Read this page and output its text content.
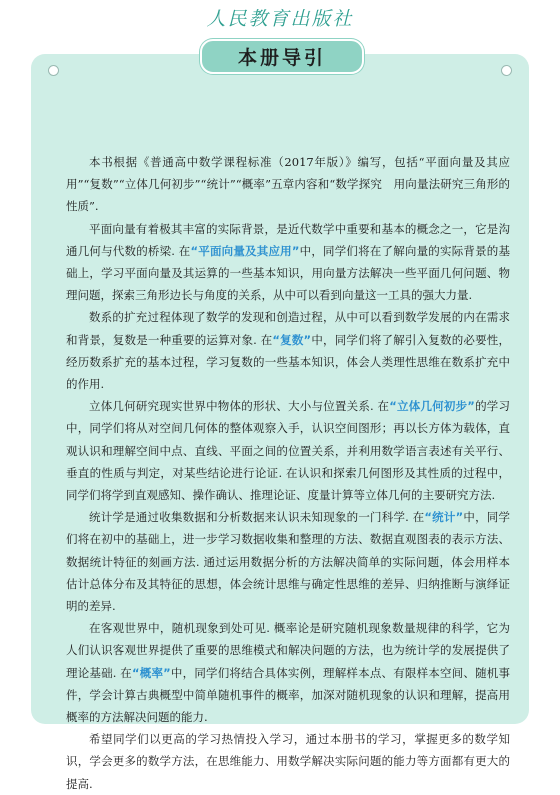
人民教育出版社
本册导引

本书根据《普通高中数学课程标准（2017年版）》编写，包括“平面向量及其应用”“复数”“立体几何初步”“统计”“概率”五章内容和“数学探究　用向量法研究三角形的性质”.

平面向量有着极其丰富的实际背景，是近代数学中重要和基本的概念之一，它是沟通几何与代数的桥梁. 在“平面向量及其应用”中，同学们将在了解向量的实际背景的基础上，学习平面向量及其运算的一些基本知识，用向量方法解决一些平面几何问题、物理问题，探索三角形边长与角度的关系，从中可以看到向量这一工具的强大力量.

数系的扩充过程体现了数学的发现和创造过程，从中可以看到数学发展的内在需求和背景，复数是一种重要的运算对象. 在“复数”中，同学们将了解引入复数的必要性，经历数系扩充的基本过程，学习复数的一些基本知识，体会人类理性思维在数系扩充中的作用.

立体几何研究现实世界中物体的形状、大小与位置关系. 在“立体几何初步”的学习中，同学们将从对空间几何体的整体观察入手，认识空间图形；再以长方体为载体，直观认识和理解空间中点、直线、平面之间的位置关系，并利用数学语言表述有关平行、垂直的性质与判定，对某些结论进行论证. 在认识和探索几何图形及其性质的过程中，同学们将学到直观感知、操作确认、推理论证、度量计算等立体几何的主要研究方法.

统计学是通过收集数据和分析数据来认识未知现象的一门科学. 在“统计”中，同学们将在初中的基础上，进一步学习数据收集和整理的方法、数据直观图表的表示方法、数据统计特征的刻画方法. 通过运用数据分析的方法解决简单的实际问题，体会用样本估计总体分布及其特征的思想，体会统计思维与确定性思维的差异、归纳推断与演绎证明的差异.

在客观世界中，随机现象到处可见. 概率论是研究随机现象数量规律的科学，它为人们认识客观世界提供了重要的思维模式和解决问题的方法，也为统计学的发展提供了理论基础. 在“概率”中，同学们将结合具体实例，理解样本点、有限样本空间、随机事件，学会计算古典概型中简单随机事件的概率，加深对随机现象的认识和理解，提高用概率的方法解决问题的能力.

希望同学们以更高的学习热情投入学习，通过本册书的学习，掌握更多的数学知识，学会更多的数学方法，在思维能力、用数学解决实际问题的能力等方面都有更大的提高.
